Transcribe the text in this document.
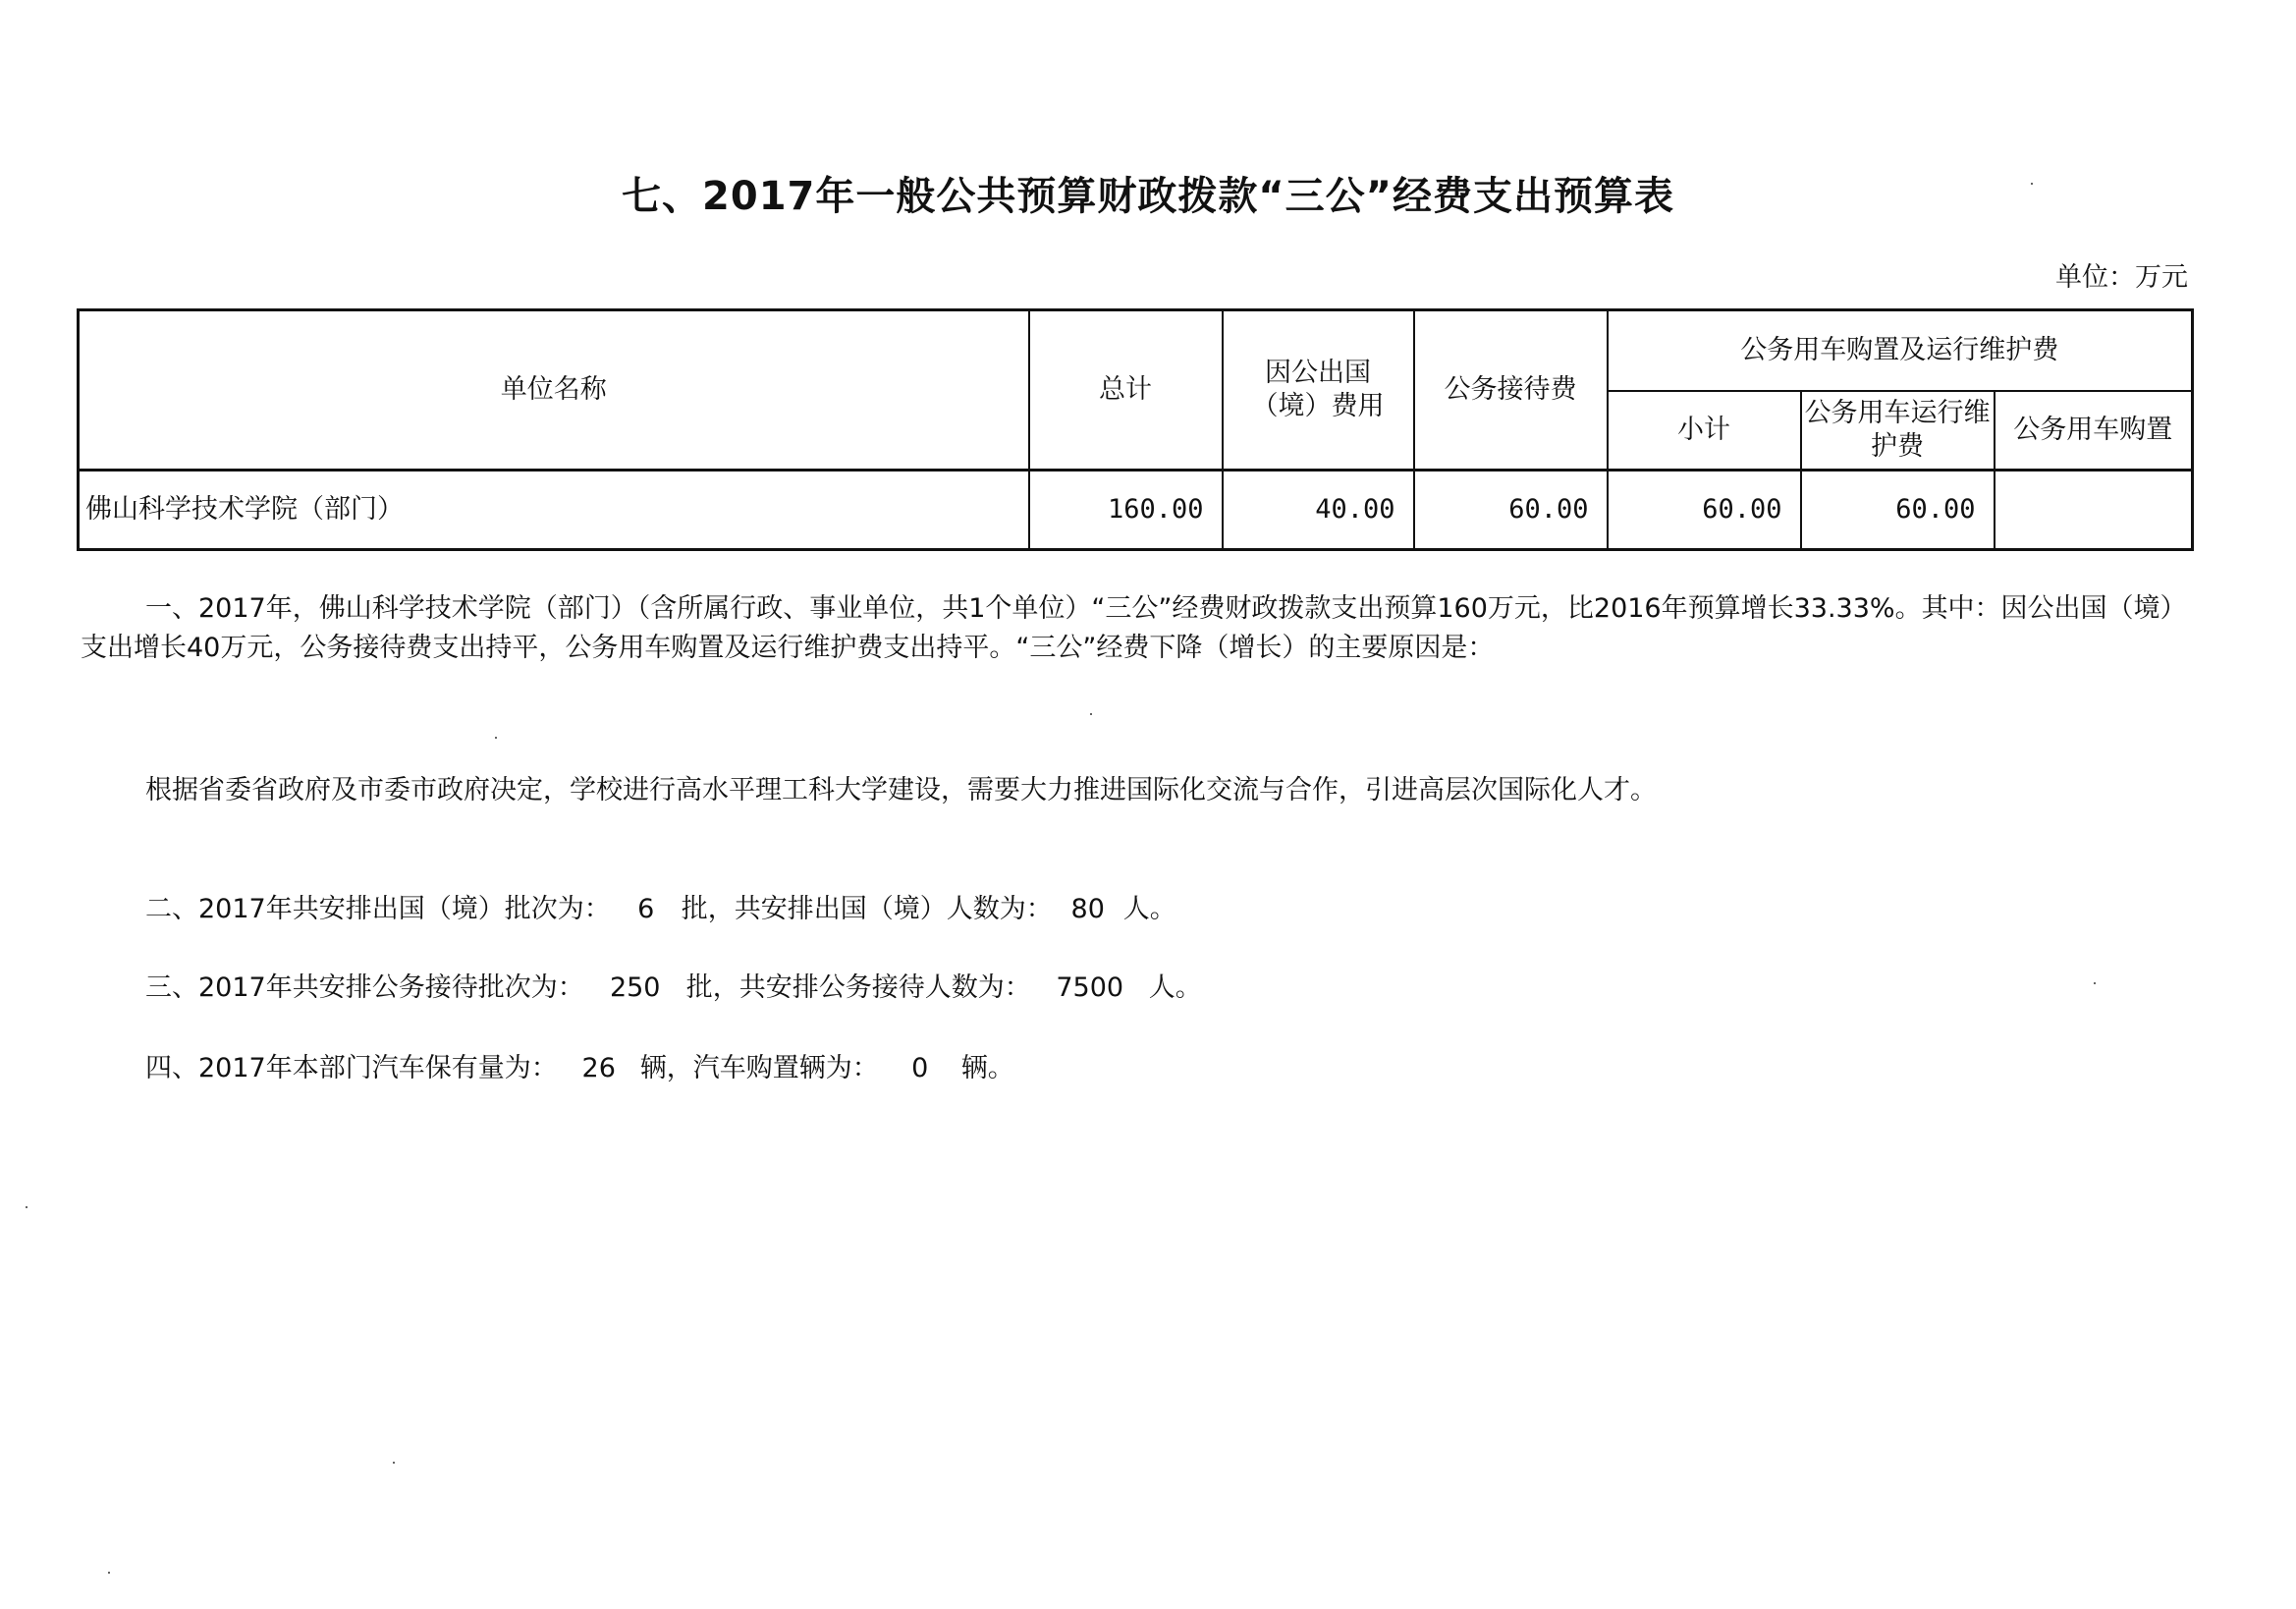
七、2017年一般公共预算财政拨款“三公”经费支出预算表
单位：万元
单位名称	总计	因公出国（境）费用	公务接待费	公务用车购置及运行维护费		
				小计	公务用车运行维护费	公务用车购置
佛山科学技术学院（部门）	160.00	40.00	60.00	60.00	60.00	
一、2017年，佛山科学技术学院（部门）（含所属行政、事业单位，共1个单位）“三公”经费财政拨款支出预算160万元，比2016年预算增长33.33%。其中：因公出国（境）支出增长40万元，公务接待费支出持平，公务用车购置及运行维护费支出持平。“三公”经费下降（增长）的主要原因是：
根据省委省政府及市委市政府决定，学校进行高水平理工科大学建设，需要大力推进国际化交流与合作，引进高层次国际化人才。
二、2017年共安排出国（境）批次为： 6 批，共安排出国（境）人数为： 80 人。
三、2017年共安排公务接待批次为： 250 批，共安排公务接待人数为： 7500 人。
四、2017年本部门汽车保有量为： 26 辆，汽车购置辆为： 0 辆。
